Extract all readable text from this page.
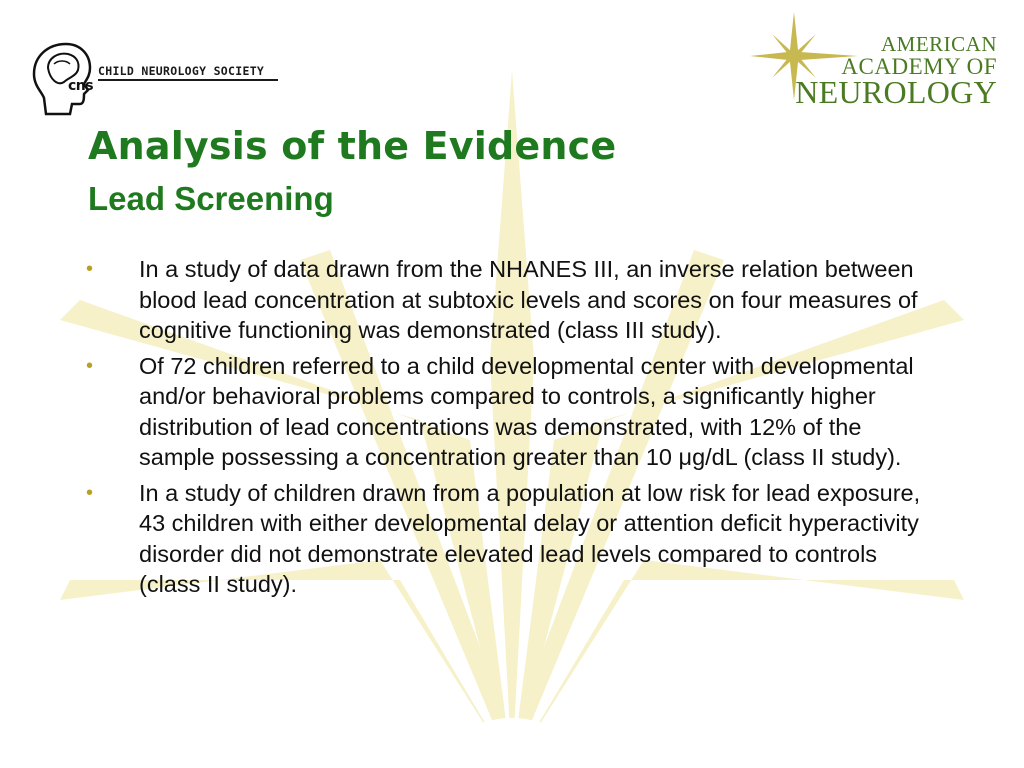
cns
CHILD NEUROLOGY SOCIETY
AMERICAN
ACADEMY OF
NEUROLOGY
Analysis of the Evidence
Lead Screening
• In a study of data drawn from the NHANES III, an inverse relation between blood lead concentration at subtoxic levels and scores on four measures of cognitive functioning was demonstrated (class III study).
• Of 72 children referred to a child developmental center with developmental and/or behavioral problems compared to controls, a significantly higher distribution of lead concentrations was demonstrated, with 12% of the sample possessing a concentration greater than 10 μg/dL (class II study).
• In a study of children drawn from a population at low risk for lead exposure, 43 children with either developmental delay or attention deficit hyperactivity disorder did not demonstrate elevated lead levels compared to controls (class II study).
